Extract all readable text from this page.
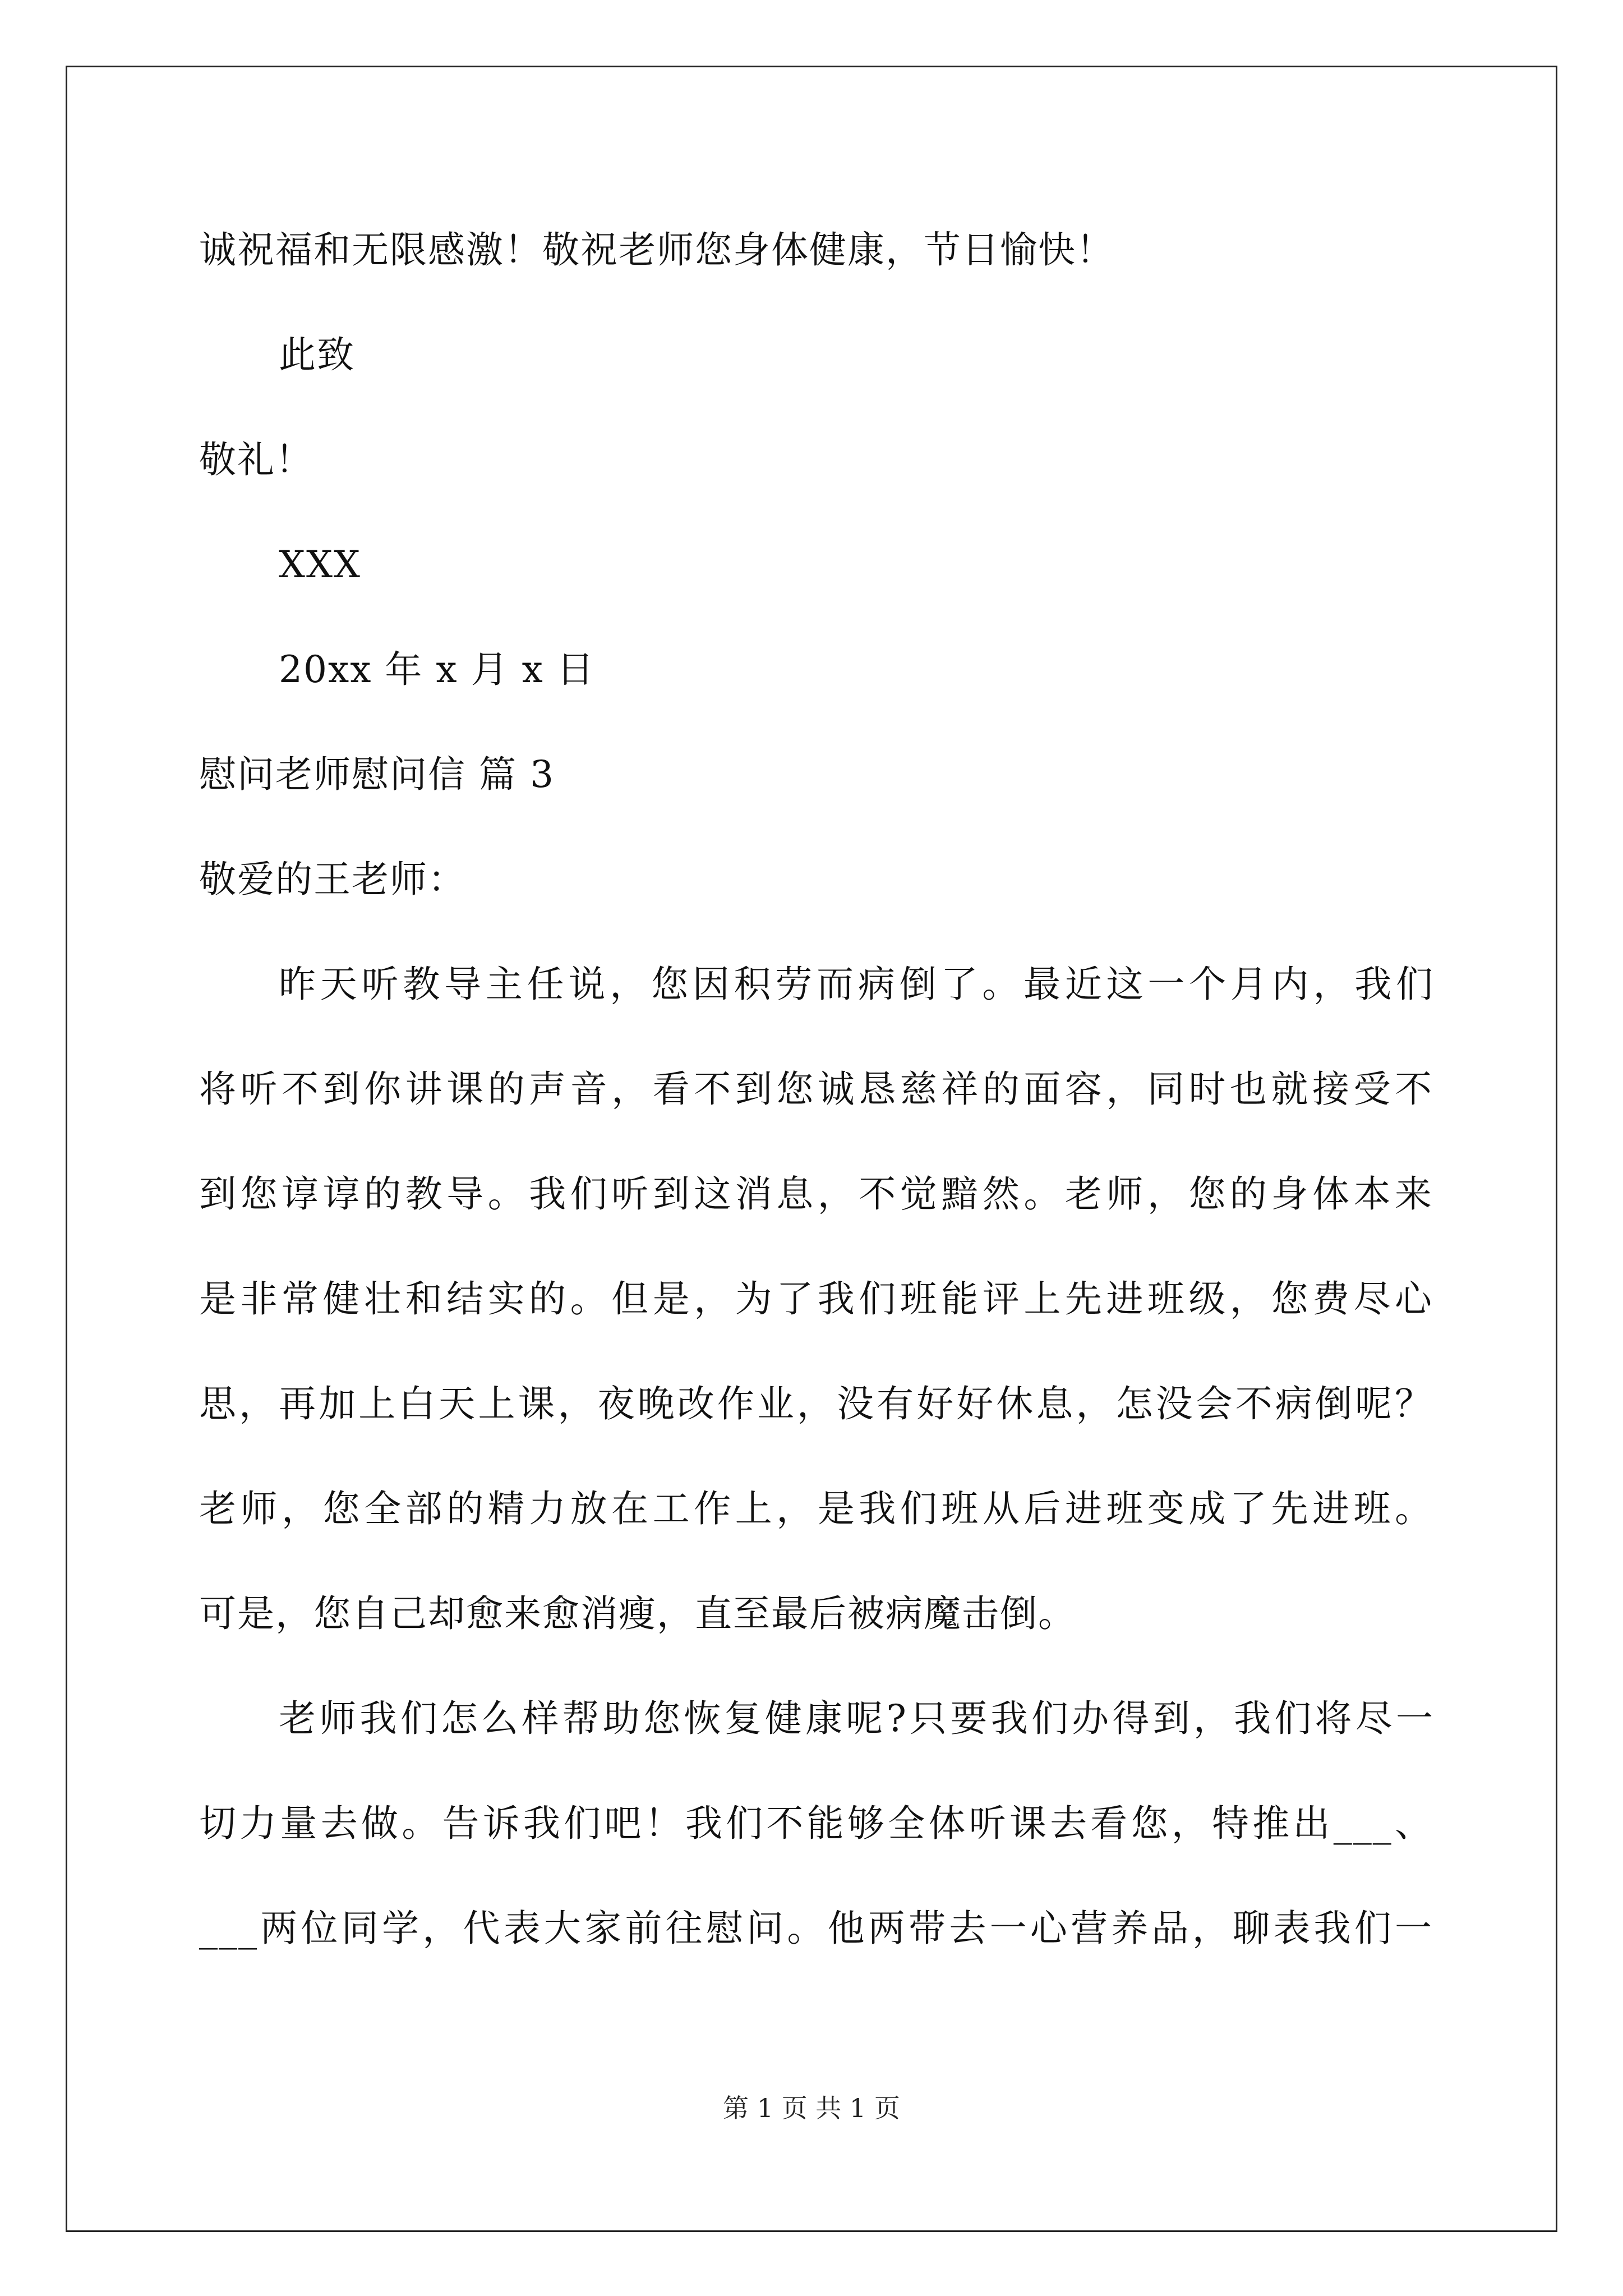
诚祝福和无限感激！敬祝老师您身体健康，节日愉快！
此致
敬礼！
XXX
20xx 年 x 月 x 日
慰问老师慰问信 篇 3
敬爱的王老师：
昨天听教导主任说，您因积劳而病倒了。最近这一个月内，我们
将听不到你讲课的声音，看不到您诚恳慈祥的面容，同时也就接受不
到您谆谆的教导。我们听到这消息，不觉黯然。老师，您的身体本来
是非常健壮和结实的。但是，为了我们班能评上先进班级，您费尽心
思，再加上白天上课，夜晚改作业，没有好好休息，怎没会不病倒呢？
老师，您全部的精力放在工作上，是我们班从后进班变成了先进班。
可是，您自己却愈来愈消瘦，直至最后被病魔击倒。
老师我们怎么样帮助您恢复健康呢?只要我们办得到，我们将尽一
切力量去做。告诉我们吧！我们不能够全体听课去看您，特推出___、
___两位同学，代表大家前往慰问。他两带去一心营养品，聊表我们一
第 1 页 共 1 页
